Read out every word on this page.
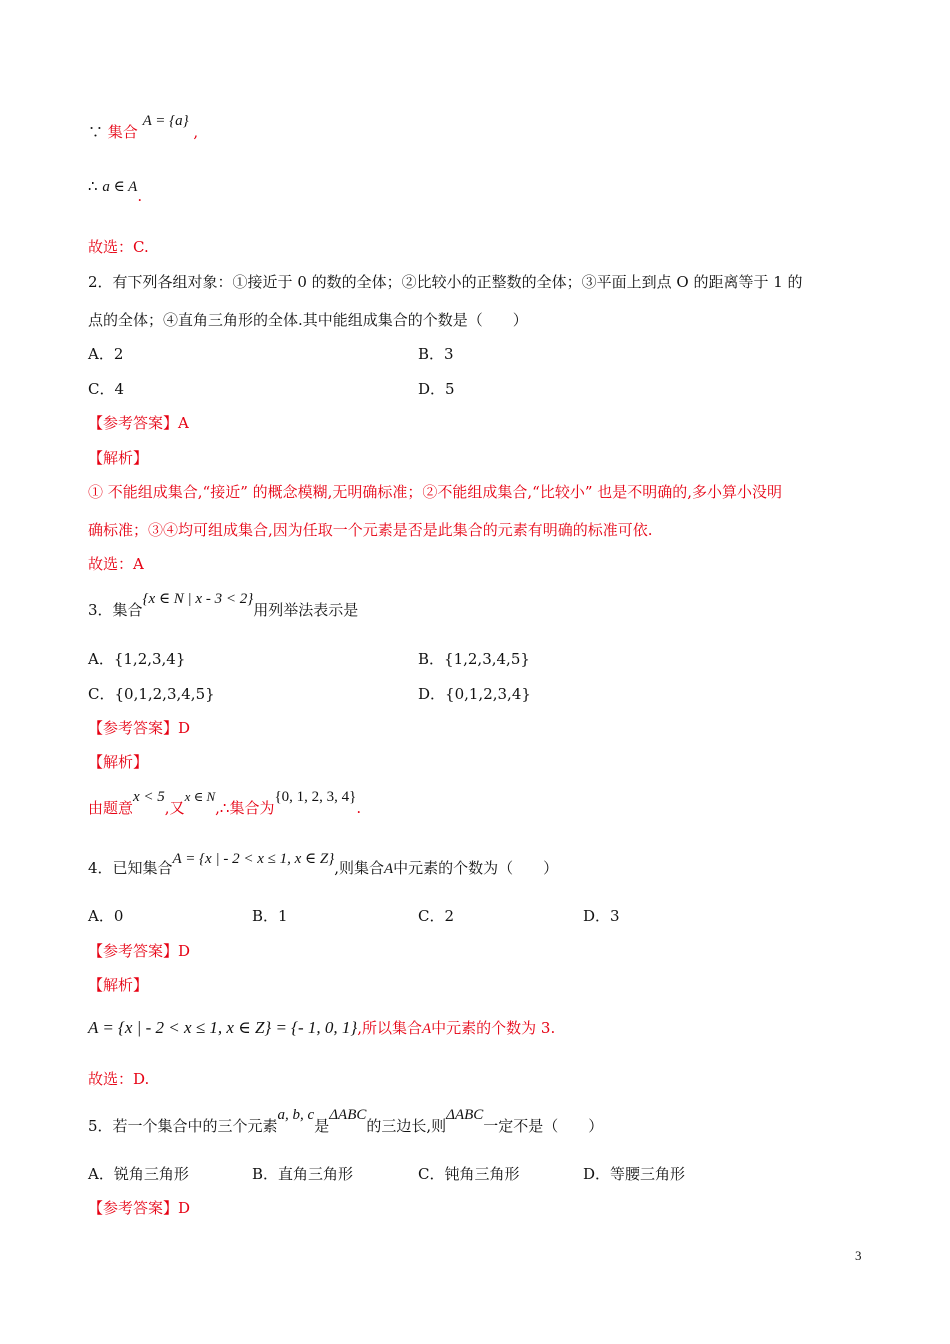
∵ 集合 A = {a} ,
∴ a ∈ A.
故选：C.
2．有下列各组对象：①接近于 0 的数的全体；②比较小的正整数的全体；③平面上到点 O 的距离等于 1 的
点的全体；④直角三角形的全体.其中能组成集合的个数是（　　）
A．2	B．3
C．4	D．5
【参考答案】A
【解析】
① 不能组成集合,“接近” 的概念模糊,无明确标准；②不能组成集合,“比较小” 也是不明确的,多小算小没明
确标准；③④均可组成集合,因为任取一个元素是否是此集合的元素有明确的标准可依.
故选：A
3．集合{x ∈ N | x - 3 < 2}用列举法表示是
A．{1,2,3,4}	B．{1,2,3,4,5}
C．{0,1,2,3,4,5}	D．{0,1,2,3,4}
【参考答案】D
【解析】
由题意x < 5,又x ∈ N,∴集合为{0, 1, 2, 3, 4}.
4．已知集合A = {x | - 2 < x ≤ 1, x ∈ Z},则集合A中元素的个数为（　　）
A．0	B．1	C．2	D．3
【参考答案】D
【解析】
A = {x | - 2 < x ≤ 1, x ∈ Z} = {- 1, 0, 1},所以集合A中元素的个数为 3.
故选：D.
5．若一个集合中的三个元素a, b, c是ΔABC的三边长,则ΔABC一定不是（　　）
A．锐角三角形	B．直角三角形	C．钝角三角形	D．等腰三角形
【参考答案】D
3
